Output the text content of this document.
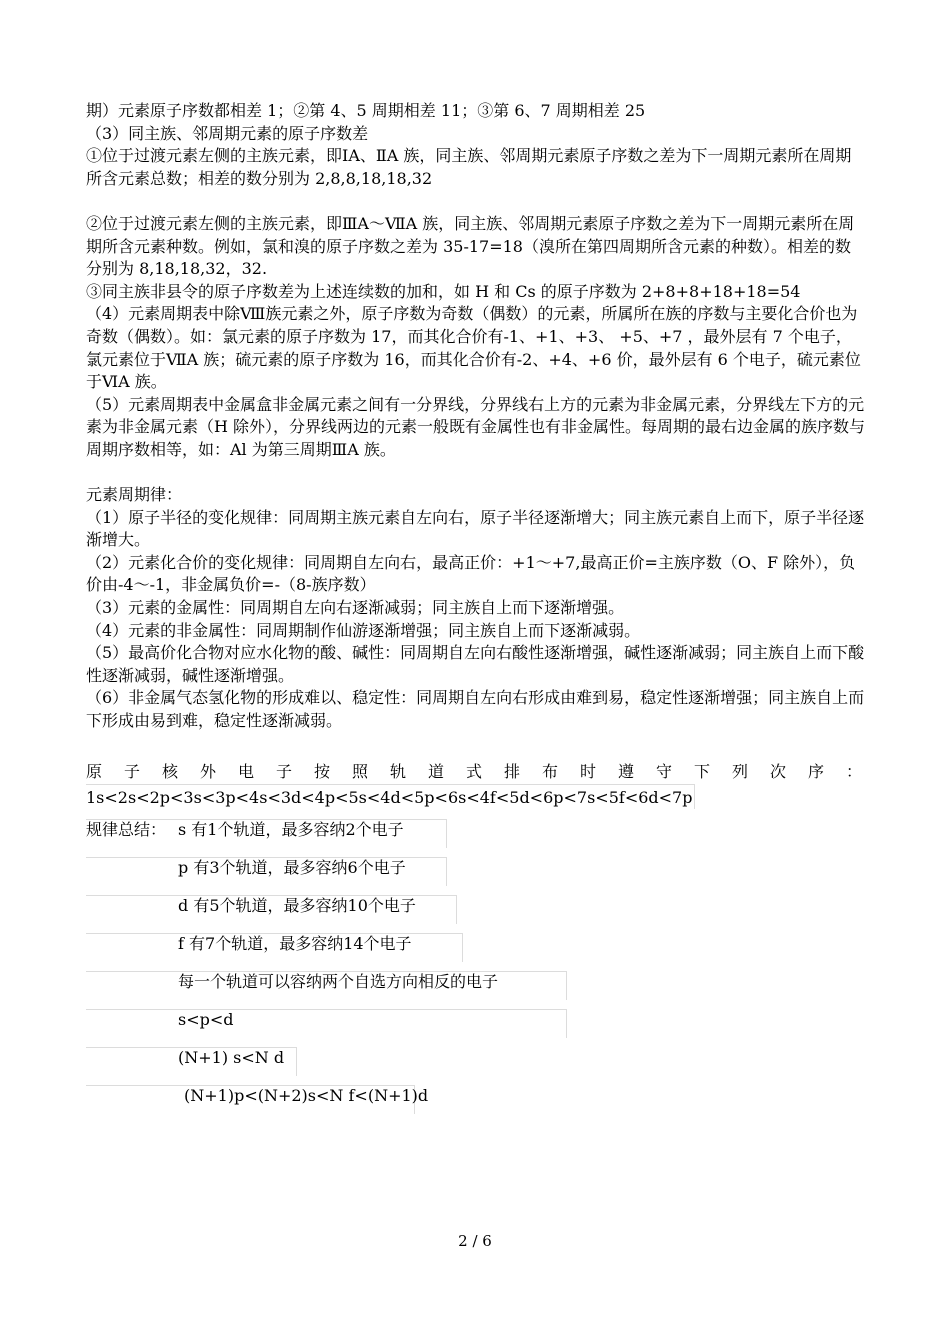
期）元素原子序数都相差 1；②第 4、5 周期相差 11；③第 6、7 周期相差 25

（3）同主族、邻周期元素的原子序数差

①位于过渡元素左侧的主族元素，即ⅠA、ⅡA 族，同主族、邻周期元素原子序数之差为下一周期元素所在周期所含元素总数；相差的数分别为 2,8,8,18,18,32

②位于过渡元素左侧的主族元素，即ⅢA～ⅦA 族，同主族、邻周期元素原子序数之差为下一周期元素所在周期所含元素种数。例如，氯和溴的原子序数之差为 35-17=18（溴所在第四周期所含元素的种数）。相差的数分别为 8,18,18,32，32.

③同主族非县令的原子序数差为上述连续数的加和，如 H 和 Cs 的原子序数为 2+8+8+18+18=54

（4）元素周期表中除Ⅷ族元素之外，原子序数为奇数（偶数）的元素，所属所在族的序数与主要化合价也为奇数（偶数）。如：氯元素的原子序数为 17，而其化合价有-1、+1、+3、 +5、+7 ，最外层有 7 个电子，氯元素位于ⅦA 族；硫元素的原子序数为 16，而其化合价有-2、+4、+6 价，最外层有 6 个电子，硫元素位于ⅥA 族。

（5）元素周期表中金属盒非金属元素之间有一分界线，分界线右上方的元素为非金属元素，分界线左下方的元素为非金属元素（H 除外），分界线两边的元素一般既有金属性也有非金属性。每周期的最右边金属的族序数与周期序数相等，如：Al 为第三周期ⅢA 族。

元素周期律：

（1）原子半径的变化规律：同周期主族元素自左向右，原子半径逐渐增大；同主族元素自上而下，原子半径逐渐增大。

（2）元素化合价的变化规律：同周期自左向右，最高正价：+1～+7,最高正价=主族序数（O、F 除外），负价由-4～-1，非金属负价=-（8-族序数）

（3）元素的金属性：同周期自左向右逐渐减弱；同主族自上而下逐渐增强。

（4）元素的非金属性：同周期制作仙游逐渐增强；同主族自上而下逐渐减弱。

（5）最高价化合物对应水化物的酸、碱性：同周期自左向右酸性逐渐增强，碱性逐渐减弱；同主族自上而下酸性逐渐减弱，碱性逐渐增强。

（6）非金属气态氢化物的形成难以、稳定性：同周期自左向右形成由难到易，稳定性逐渐增强；同主族自上而下形成由易到难，稳定性逐渐减弱。

原子核外电子按照轨道式排布时遵守下列次序：

1s<2s<2p<3s<3p<4s<3d<4p<5s<4d<5p<6s<4f<5d<6p<7s<5f<6d<7p

规律总结： s 有1个轨道，最多容纳2个电子
p 有3个轨道，最多容纳6个电子
d 有5个轨道，最多容纳10个电子
f 有7个轨道，最多容纳14个电子
每一个轨道可以容纳两个自选方向相反的电子
s<p<d
(N+1) s<N d
(N+1)p<(N+2)s<N f<(N+1)d
2 / 6
